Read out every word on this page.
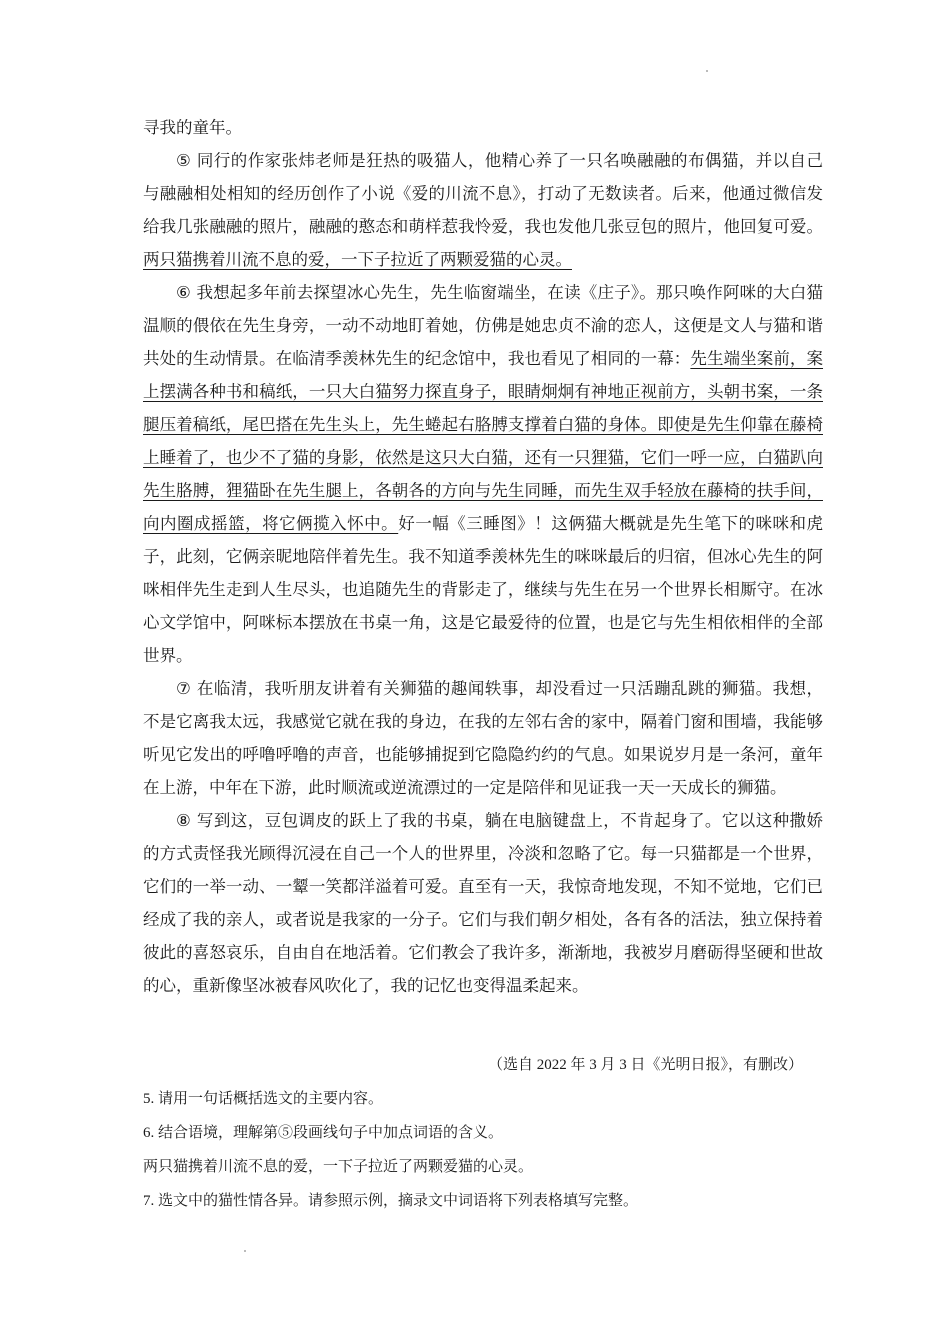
寻我的童年。

⑤ 同行的作家张炜老师是狂热的吸猫人，他精心养了一只名唤融融的布偶猫，并以自己与融融相处相知的经历创作了小说《爱的川流不息》，打动了无数读者。后来，他通过微信发给我几张融融的照片，融融的憨态和萌样惹我怜爱，我也发他几张豆包的照片，他回复可爱。两只猫携着川流不息的爱，一下子拉近了两颗爱猫的心灵。

⑥ 我想起多年前去探望冰心先生，先生临窗端坐，在读《庄子》。那只唤作阿咪的大白猫温顺的偎依在先生身旁，一动不动地盯着她，仿佛是她忠贞不渝的恋人，这便是文人与猫和谐共处的生动情景。在临清季羡林先生的纪念馆中，我也看见了相同的一幕：先生端坐案前，案上摆满各种书和稿纸，一只大白猫努力探直身子，眼睛炯炯有神地正视前方，头朝书案，一条腿压着稿纸，尾巴搭在先生头上，先生蜷起右胳膊支撑着白猫的身体。即使是先生仰靠在藤椅上睡着了，也少不了猫的身影，依然是这只大白猫，还有一只狸猫，它们一呼一应，白猫趴向先生胳膊，狸猫卧在先生腿上，各朝各的方向与先生同睡，而先生双手轻放在藤椅的扶手间，向内圈成摇篮，将它俩揽入怀中。好一幅《三睡图》！这俩猫大概就是先生笔下的咪咪和虎子，此刻，它俩亲昵地陪伴着先生。我不知道季羡林先生的咪咪最后的归宿，但冰心先生的阿咪相伴先生走到人生尽头，也追随先生的背影走了，继续与先生在另一个世界长相厮守。在冰心文学馆中，阿咪标本摆放在书桌一角，这是它最爱待的位置，也是它与先生相依相伴的全部世界。

⑦ 在临清，我听朋友讲着有关狮猫的趣闻轶事，却没看过一只活蹦乱跳的狮猫。我想，不是它离我太远，我感觉它就在我的身边，在我的左邻右舍的家中，隔着门窗和围墙，我能够听见它发出的呼噜呼噜的声音，也能够捕捉到它隐隐约约的气息。如果说岁月是一条河，童年在上游，中年在下游，此时顺流或逆流漂过的一定是陪伴和见证我一天一天成长的狮猫。

⑧ 写到这，豆包调皮的跃上了我的书桌，躺在电脑键盘上，不肯起身了。它以这种撒娇的方式责怪我光顾得沉浸在自己一个人的世界里，冷淡和忽略了它。每一只猫都是一个世界，它们的一举一动、一颦一笑都洋溢着可爱。直至有一天，我惊奇地发现，不知不觉地，它们已经成了我的亲人，或者说是我家的一分子。它们与我们朝夕相处，各有各的活法，独立保持着彼此的喜怒哀乐，自由自在地活着。它们教会了我许多，渐渐地，我被岁月磨砺得坚硬和世故的心，重新像坚冰被春风吹化了，我的记忆也变得温柔起来。

（选自 2022 年 3 月 3 日《光明日报》，有删改）
5. 请用一句话概括选文的主要内容。
6. 结合语境，理解第⑤段画线句子中加点词语的含义。
两只猫携着川流不息的爱，一下子拉近了两颗爱猫的心灵。
7. 选文中的猫性情各异。请参照示例，摘录文中词语将下列表格填写完整。
